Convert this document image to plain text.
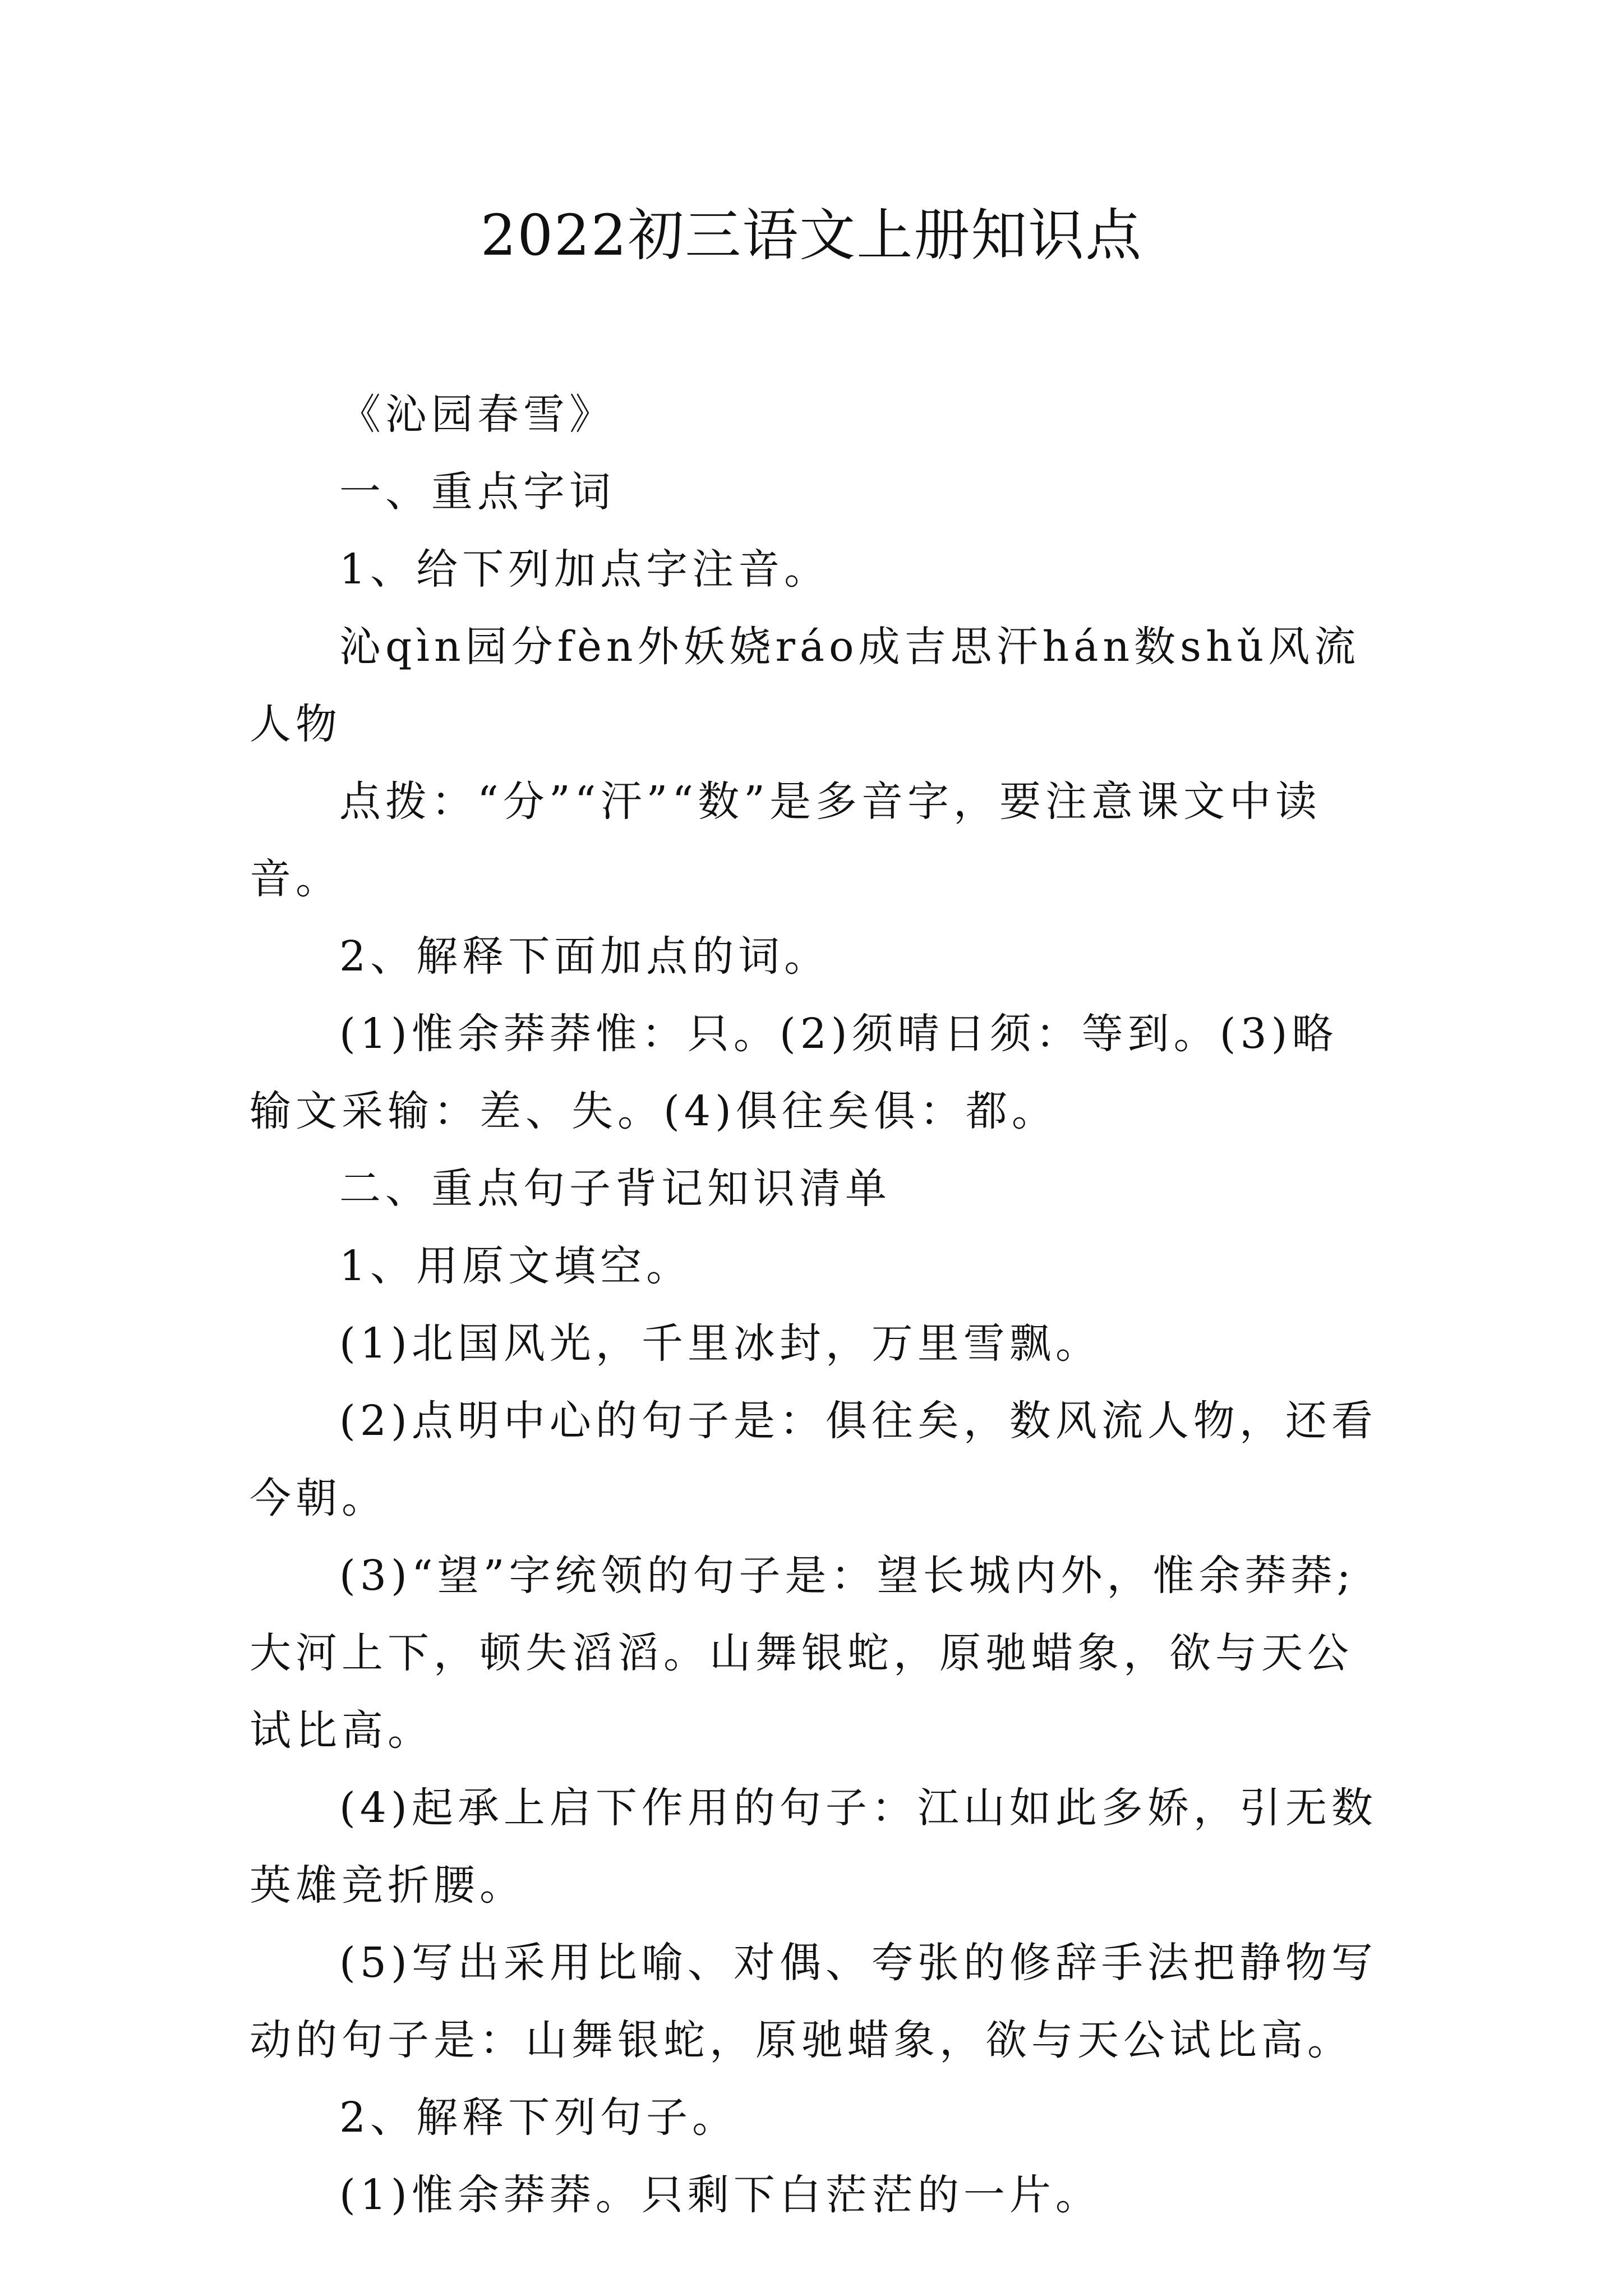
2022初三语文上册知识点

《沁园春雪》

一、重点字词

1、给下列加点字注音。

沁qìn园分fèn外妖娆ráo成吉思汗hán数shǔ风流人物

点拨：“分”“汗”“数”是多音字，要注意课文中读音。

2、解释下面加点的词。

(1)惟余莽莽惟：只。(2)须晴日须：等到。(3)略输文采输：差、失。(4)俱往矣俱：都。

二、重点句子背记知识清单

1、用原文填空。

(1)北国风光，千里冰封，万里雪飘。

(2)点明中心的句子是：俱往矣，数风流人物，还看今朝。

(3)“望”字统领的句子是：望长城内外，惟余莽莽;大河上下，顿失滔滔。山舞银蛇，原驰蜡象，欲与天公试比高。

(4)起承上启下作用的句子：江山如此多娇，引无数英雄竞折腰。

(5)写出采用比喻、对偶、夸张的修辞手法把静物写动的句子是：山舞银蛇，原驰蜡象，欲与天公试比高。

2、解释下列句子。

(1)惟余莽莽。只剩下白茫茫的一片。
